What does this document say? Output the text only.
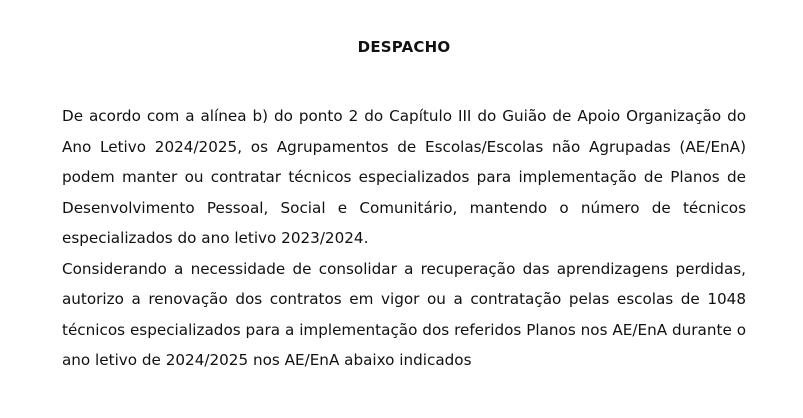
DESPACHO

De acordo com a alínea b) do ponto 2 do Capítulo III do Guião de Apoio Organização do Ano Letivo 2024/2025, os Agrupamentos de Escolas/Escolas não Agrupadas (AE/EnA) podem manter ou contratar técnicos especializados para implementação de Planos de Desenvolvimento Pessoal, Social e Comunitário, mantendo o número de técnicos especializados do ano letivo 2023/2024.

Considerando a necessidade de consolidar a recuperação das aprendizagens perdidas, autorizo a renovação dos contratos em vigor ou a contratação pelas escolas de 1048 técnicos especializados para a implementação dos referidos Planos nos AE/EnA durante o ano letivo de 2024/2025 nos AE/EnA abaixo indicados
